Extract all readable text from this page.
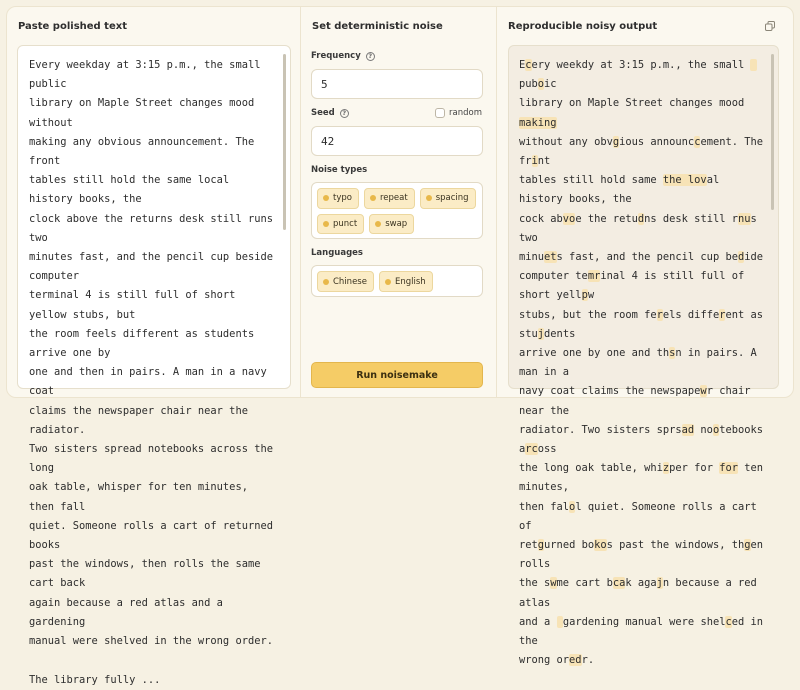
Paste polished text

Every weekday at 3:15 p.m., the small public
library on Maple Street changes mood without
making any obvious announcement. The front
tables still hold the same local history books, the
clock above the returns desk still runs two
minutes fast, and the pencil cup beside computer
terminal 4 is still full of short yellow stubs, but
the room feels different as students arrive one by
one and then in pairs. A man in a navy coat
claims the newspaper chair near the radiator.
Two sisters spread notebooks across the long
oak table, whisper for ten minutes, then fall
quiet. Someone rolls a cart of returned books
past the windows, then rolls the same cart back
again because a red atlas and a gardening
manual were shelved in the wrong order.

The library fully ...

Set deterministic noise
Frequency	?
5
Seed	?	random
42
Noise types
typo	repeat	spacing
punct	swap
Languages
Chinese	English
Run noisemake
Reproducible noisy output

Ecery weekdy at 3:15 p.m., the small  puboic
library on Maple Street changes mood making
without any obvgious announccement. The frint
tables still hold same the loval history books, the
cock abvoe the retudns desk still rnus two
minuets fast, and the pencil cup bedide
computer temrinal 4 is still full of short yellpw
stubs, but the room ferels different as stujdents
arrive one by one and thsn in pairs. A man in a
navy coat claims the newspapewr chair near the
radiator. Two sisters sprsad nootebooks arcoss
the long oak table, whizper for for ten minutes,
then falol quiet. Someone rolls a cart of
retgurned bokos past the windows, thgen rolls
the swme cart bcak agajn because a red atlas
and a  gardening manual were shelced in the
wrong oredr.
